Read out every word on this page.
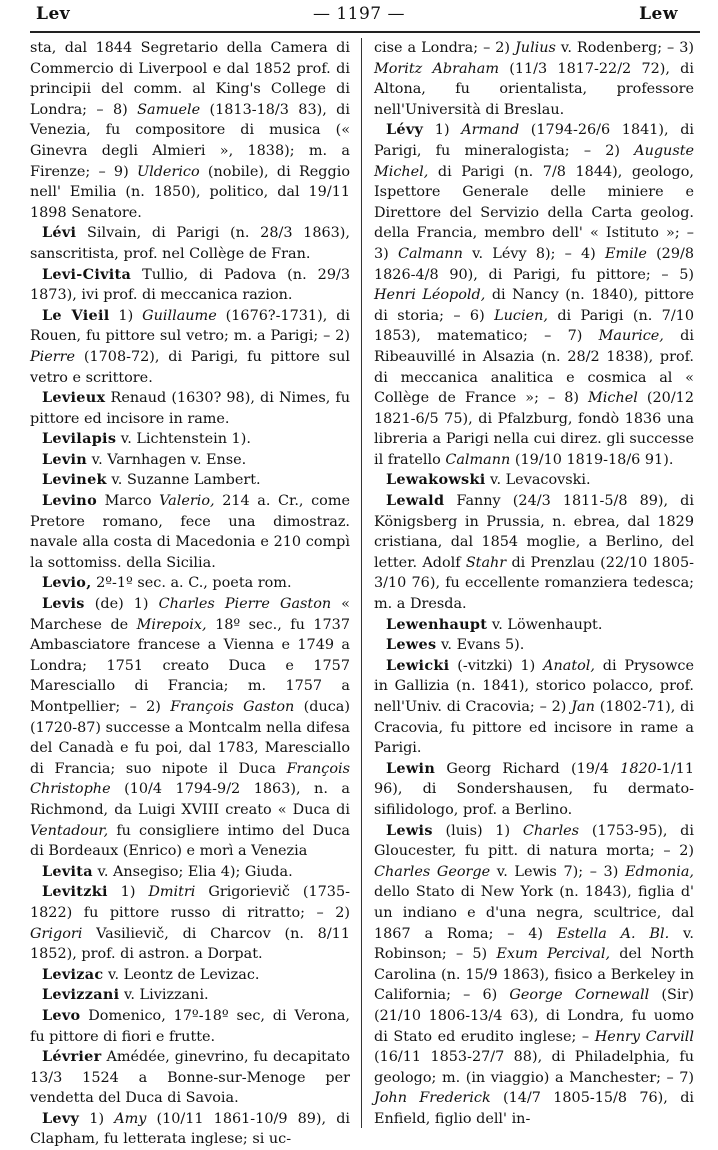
Lev	— 1197 —	Lew

sta, dal 1844 Segretario della Camera di Commercio di Liverpool e dal 1852 prof. di principii del comm. al King's College di Londra; – 8) Samuele (1813-18/3 83), di Venezia, fu compositore di musica (« Ginevra degli Almieri », 1838); m. a Firenze; – 9) Ulderico (nobile), di Reggio nell' Emilia (n. 1850), politico, dal 19/11 1898 Senatore.

Lévi Silvain, di Parigi (n. 28/3 1863), sanscritista, prof. nel Collège de Fran.

Levi-Civita Tullio, di Padova (n. 29/3 1873), ivi prof. di meccanica razion.

Le Vieil 1) Guillaume (1676?-1731), di Rouen, fu pittore sul vetro; m. a Parigi; – 2) Pierre (1708-72), di Parigi, fu pittore sul vetro e scrittore.

Levieux Renaud (1630? 98), di Nimes, fu pittore ed incisore in rame.

Levilapis v. Lichtenstein 1).

Levin v. Varnhagen v. Ense.

Levinek v. Suzanne Lambert.

Levino Marco Valerio, 214 a. Cr., come Pretore romano, fece una dimostraz. navale alla costa di Macedonia e 210 compì la sottomiss. della Sicilia.

Levio, 2º-1º sec. a. C., poeta rom.

Levis (de) 1) Charles Pierre Gaston « Marchese de Mirepoix, 18º sec., fu 1737 Ambasciatore francese a Vienna e 1749 a Londra; 1751 creato Duca e 1757 Maresciallo di Francia; m. 1757 a Montpellier; – 2) François Gaston (duca) (1720-87) successe a Montcalm nella difesa del Canadà e fu poi, dal 1783, Maresciallo di Francia; suo nipote il Duca François Christophe (10/4 1794-9/2 1863), n. a Richmond, da Luigi XVIII creato « Duca di Ventadour, fu consigliere intimo del Duca di Bordeaux (Enrico) e morì a Venezia

Levita v. Ansegiso; Elia 4); Giuda.

Levitzki 1) Dmitri Grigorievič (1735-1822) fu pittore russo di ritratto; – 2) Grigori Vasilievič, di Charcov (n. 8/11 1852), prof. di astron. a Dorpat.

Levizac v. Leontz de Levizac.

Levizzani v. Livizzani.

Levo Domenico, 17º-18º sec, di Verona, fu pittore di fiori e frutte.

Lévrier Amédée, ginevrino, fu decapitato 13/3 1524 a Bonne-sur-Menoge per vendetta del Duca di Savoia.

Levy 1) Amy (10/11 1861-10/9 89), di Clapham, fu letterata inglese; si uc-

cise a Londra; – 2) Julius v. Rodenberg; – 3) Moritz Abraham (11/3 1817-22/2 72), di Altona, fu orientalista, professore nell'Università di Breslau.

Lévy 1) Armand (1794-26/6 1841), di Parigi, fu mineralogista; – 2) Auguste Michel, di Parigi (n. 7/8 1844), geologo, Ispettore Generale delle miniere e Direttore del Servizio della Carta geolog. della Francia, membro dell' « Istituto »; – 3) Calmann v. Lévy 8); – 4) Emile (29/8 1826-4/8 90), di Parigi, fu pittore; – 5) Henri Léopold, di Nancy (n. 1840), pittore di storia; – 6) Lucien, di Parigi (n. 7/10 1853), matematico; – 7) Maurice, di Ribeauvillé in Alsazia (n. 28/2 1838), prof. di meccanica analitica e cosmica al « Collège de France »; – 8) Michel (20/12 1821-6/5 75), di Pfalzburg, fondò 1836 una libreria a Parigi nella cui direz. gli successe il fratello Calmann (19/10 1819-18/6 91).

Lewakowski v. Levacovski.

Lewald Fanny (24/3 1811-5/8 89), di Königsberg in Prussia, n. ebrea, dal 1829 cristiana, dal 1854 moglie, a Berlino, del letter. Adolf Stahr di Prenzlau (22/10 1805-3/10 76), fu eccellente romanziera tedesca; m. a Dresda.

Lewenhaupt v. Löwenhaupt.

Lewes v. Evans 5).

Lewicki (-vitzki) 1) Anatol, di Prysowce in Gallizia (n. 1841), storico polacco, prof. nell'Univ. di Cracovia; – 2) Jan (1802-71), di Cracovia, fu pittore ed incisore in rame a Parigi.

Lewin Georg Richard (19/4 1820-1/11 96), di Sondershausen, fu dermato-sifilidologo, prof. a Berlino.

Lewis (luis) 1) Charles (1753-95), di Gloucester, fu pitt. di natura morta; – 2) Charles George v. Lewis 7); – 3) Edmonia, dello Stato di New York (n. 1843), figlia d' un indiano e d'una negra, scultrice, dal 1867 a Roma; – 4) Estella A. Bl. v. Robinson; – 5) Exum Percival, del North Carolina (n. 15/9 1863), fisico a Berkeley in California; – 6) George Cornewall (Sir) (21/10 1806-13/4 63), di Londra, fu uomo di Stato ed erudito inglese; – Henry Carvill (16/11 1853-27/7 88), di Philadelphia, fu geologo; m. (in viaggio) a Manchester; – 7) John Frederick (14/7 1805-15/8 76), di Enfield, figlio dell' in-
